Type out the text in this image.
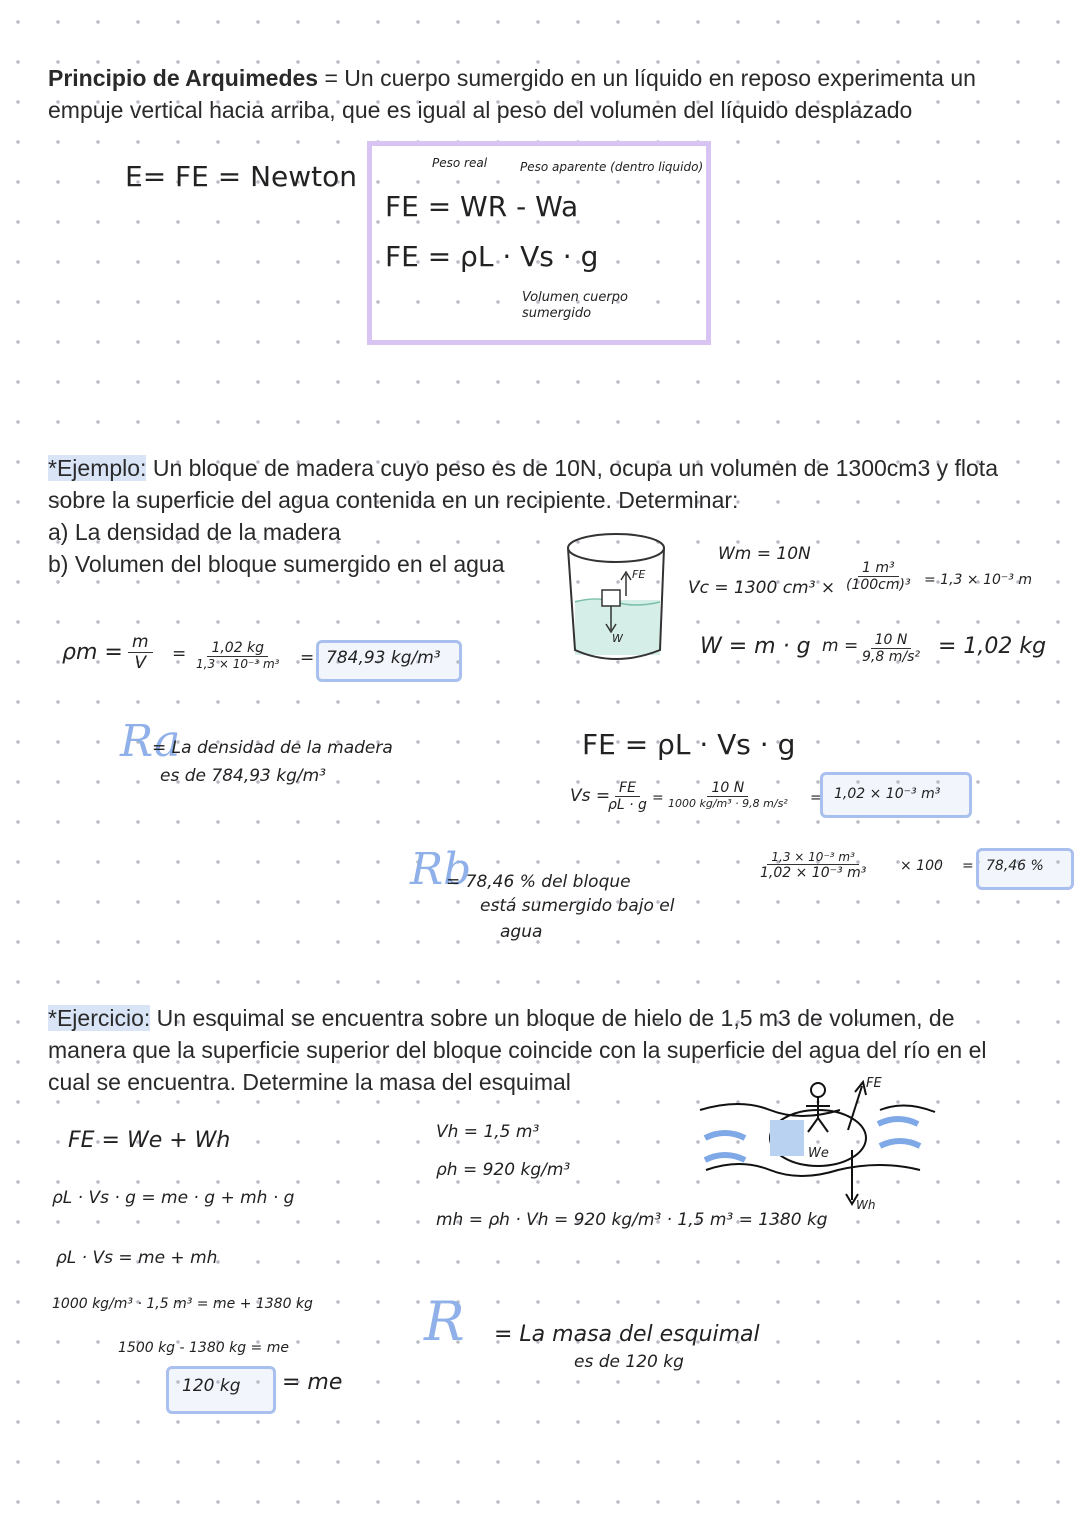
Principio de Arquimedes = Un cuerpo sumergido en un líquido en reposo experimenta un empuje vertical hacia arriba, que es igual al peso del volumen del líquido desplazado
E= FE = Newton	Peso real	Peso aparente (dentro liquido)
FE = WR - Wa
FE = ρL · Vs · g
Volumen cuerpo sumergido
*Ejemplo: Un bloque de madera cuyo peso es de 10N, ocupa un volumen de 1300cm3 y flota sobre la superficie del agua contenida en un recipiente. Determinar:
a) La densidad de la madera
b) Volumen del bloque sumergido en el agua
$\rho m = \frac{m}{V} = \frac{1,02 kg}{\text{1,3 × 10⁻³ m³}} = 784,93$ kg/m³
Ra
= La densidad de la madera
es de 784,93 kg/m³
FE
W
Wm = 10N
Vc = 1300 $cm^3 \times \frac{\text{1 m³}}{\text{(100cm)³}} = 1,3 \times 10^{-3}$ m
W = m · g $m = \frac{10 N}{\text{9,8 m/s²}} = 1,02$ kg
FE = ρL · Vs · g
Vs =
$\frac{FE}{\rho L \cdot g}$ =
10 N
1000 kg/m³ · 9,8 m/s² = 1,02 × 10⁻³ m³
$\frac{\text{1,3 × 10⁻³ m³}}{\text{1,02 × 10⁻³ m³}} \times 100 = 78,46$ %
Rb
= 78,46 % del bloque
está sumergido bajo el
agua
*Ejercicio: Un esquimal se encuentra sobre un bloque de hielo de 1,5 m3 de volumen, de manera que la superficie superior del bloque coincide con la superficie del agua del río en el cual se encuentra. Determine la masa del esquimal
FE = We + Wh
ρL · Vs · g = me · g + mh · g
ρL · Vs = me + mh
1000 kg/m³ · 1,5 m³ = me + 1380 kg
1500 kg - 1380 kg = me
120 kg = me
Vh = 1,5 m³
ρh = 920 kg/m³
mh = ρh · Vh = 920 kg/m³ · 1,5 m³ = 1380 kg
FE
We
Wh
R = La masa del esquimal
es de 120 kg
